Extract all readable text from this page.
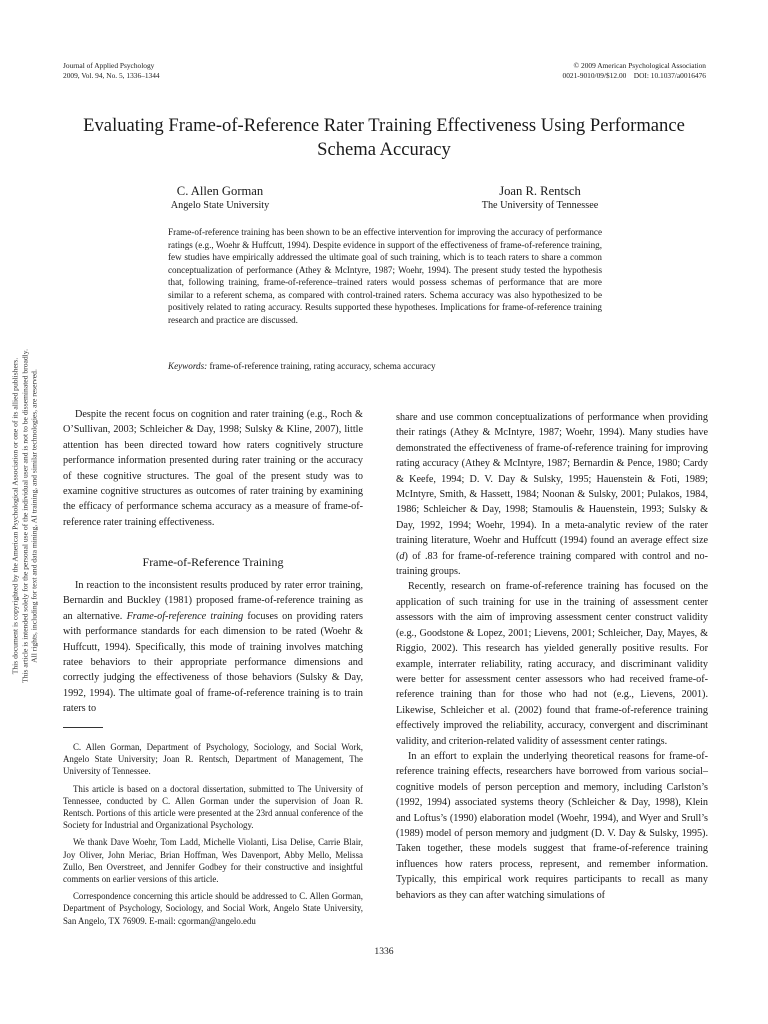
Journal of Applied Psychology
2009, Vol. 94, No. 5, 1336–1344
© 2009 American Psychological Association
0021-9010/09/$12.00    DOI: 10.1037/a0016476
This document is copyrighted by the American Psychological Association or one of its allied publishers. This article is intended solely for the personal use of the individual user and is not to be disseminated broadly. All rights, including for text and data mining, AI training, and similar technologies, are reserved.
Evaluating Frame-of-Reference Rater Training Effectiveness Using Performance Schema Accuracy
C. Allen Gorman
Angelo State University
Joan R. Rentsch
The University of Tennessee
Frame-of-reference training has been shown to be an effective intervention for improving the accuracy of performance ratings (e.g., Woehr & Huffcutt, 1994). Despite evidence in support of the effectiveness of frame-of-reference training, few studies have empirically addressed the ultimate goal of such training, which is to teach raters to share a common conceptualization of performance (Athey & McIntyre, 1987; Woehr, 1994). The present study tested the hypothesis that, following training, frame-of-reference–trained raters would possess schemas of performance that are more similar to a referent schema, as compared with control-trained raters. Schema accuracy was also hypothesized to be positively related to rating accuracy. Results supported these hypotheses. Implications for frame-of-reference training research and practice are discussed.
Keywords: frame-of-reference training, rating accuracy, schema accuracy

Despite the recent focus on cognition and rater training (e.g., Roch & O’Sullivan, 2003; Schleicher & Day, 1998; Sulsky & Kline, 2007), little attention has been directed toward how raters cognitively structure performance information presented during rater training or the accuracy of these cognitive structures. The goal of the present study was to examine cognitive structures as outcomes of rater training by examining the efficacy of performance schema accuracy as a measure of frame-of-reference rater training effectiveness.

Frame-of-Reference Training

In reaction to the inconsistent results produced by rater error training, Bernardin and Buckley (1981) proposed frame-of-reference training as an alternative. Frame-of-reference training focuses on providing raters with performance standards for each dimension to be rated (Woehr & Huffcutt, 1994). Specifically, this mode of training involves matching ratee behaviors to their appropriate performance dimensions and correctly judging the effectiveness of those behaviors (Sulsky & Day, 1992, 1994). The ultimate goal of frame-of-reference training is to train raters to

C. Allen Gorman, Department of Psychology, Sociology, and Social Work, Angelo State University; Joan R. Rentsch, Department of Management, The University of Tennessee.

This article is based on a doctoral dissertation, submitted to The University of Tennessee, conducted by C. Allen Gorman under the supervision of Joan R. Rentsch. Portions of this article were presented at the 23rd annual conference of the Society for Industrial and Organizational Psychology.

We thank Dave Woehr, Tom Ladd, Michelle Violanti, Lisa Delise, Carrie Blair, Joy Oliver, John Meriac, Brian Hoffman, Wes Davenport, Abby Mello, Melissa Zullo, Ben Overstreet, and Jennifer Godbey for their constructive and insightful comments on earlier versions of this article.

Correspondence concerning this article should be addressed to C. Allen Gorman, Department of Psychology, Sociology, and Social Work, Angelo State University, San Angelo, TX 76909. E-mail: cgorman@angelo.edu

share and use common conceptualizations of performance when providing their ratings (Athey & McIntyre, 1987; Woehr, 1994). Many studies have demonstrated the effectiveness of frame-of-reference training for improving rating accuracy (Athey & McIntyre, 1987; Bernardin & Pence, 1980; Cardy & Keefe, 1994; D. V. Day & Sulsky, 1995; Hauenstein & Foti, 1989; McIntyre, Smith, & Hassett, 1984; Noonan & Sulsky, 2001; Pulakos, 1984, 1986; Schleicher & Day, 1998; Stamoulis & Hauenstein, 1993; Sulsky & Day, 1992, 1994; Woehr, 1994). In a meta-analytic review of the rater training literature, Woehr and Huffcutt (1994) found an average effect size (d) of .83 for frame-of-reference training compared with control and no-training groups.

Recently, research on frame-of-reference training has focused on the application of such training for use in the training of assessment center assessors with the aim of improving assessment center construct validity (e.g., Goodstone & Lopez, 2001; Lievens, 2001; Schleicher, Day, Mayes, & Riggio, 2002). This research has yielded generally positive results. For example, interrater reliability, rating accuracy, and discriminant validity were better for assessment center assessors who had received frame-of-reference training than for those who had not (e.g., Lievens, 2001). Likewise, Schleicher et al. (2002) found that frame-of-reference training effectively improved the reliability, accuracy, convergent and discriminant validity, and criterion-related validity of assessment center ratings.

In an effort to explain the underlying theoretical reasons for frame-of-reference training effects, researchers have borrowed from various social–cognitive models of person perception and memory, including Carlston’s (1992, 1994) associated systems theory (Schleicher & Day, 1998), Klein and Loftus’s (1990) elaboration model (Woehr, 1994), and Wyer and Srull’s (1989) model of person memory and judgment (D. V. Day & Sulsky, 1995). Taken together, these models suggest that frame-of-reference training influences how raters process, represent, and remember information. Typically, this empirical work requires participants to recall as many behaviors as they can after watching simulations of

1336
